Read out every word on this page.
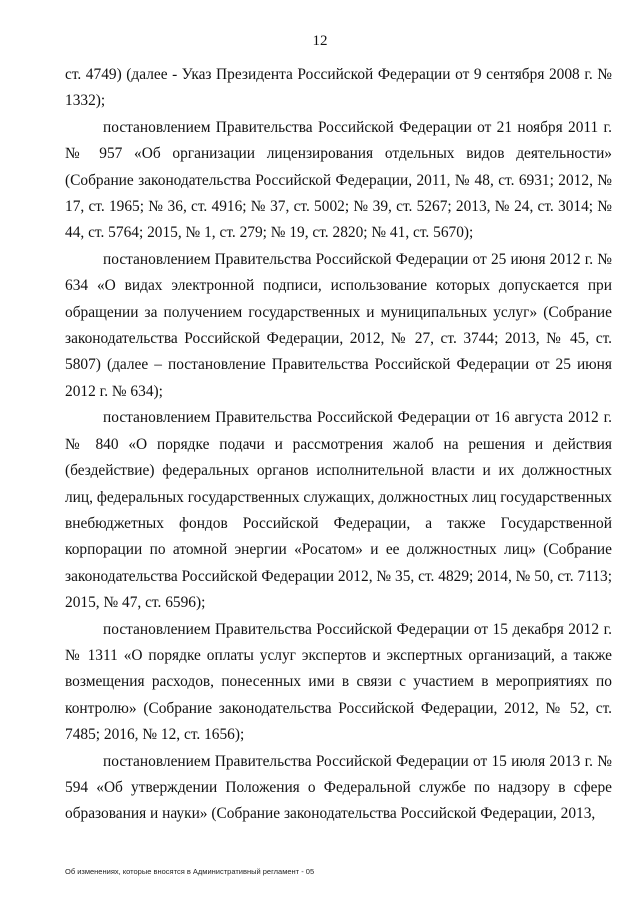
12

ст. 4749) (далее - Указ Президента Российской Федерации от 9 сентября 2008 г. № 1332);

постановлением Правительства Российской Федерации от 21 ноября 2011 г. № 957 «Об организации лицензирования отдельных видов деятельности» (Собрание законодательства Российской Федерации, 2011, № 48, ст. 6931; 2012, № 17, ст. 1965; № 36, ст. 4916; № 37, ст. 5002; № 39, ст. 5267; 2013, № 24, ст. 3014; № 44, ст. 5764; 2015, № 1, ст. 279; № 19, ст. 2820; № 41, ст. 5670);

постановлением Правительства Российской Федерации от 25 июня 2012 г. № 634 «О видах электронной подписи, использование которых допускается при обращении за получением государственных и муниципальных услуг» (Собрание законодательства Российской Федерации, 2012, № 27, ст. 3744; 2013, № 45, ст. 5807) (далее – постановление Правительства Российской Федерации от 25 июня 2012 г. № 634);

постановлением Правительства Российской Федерации от 16 августа 2012 г. № 840 «О порядке подачи и рассмотрения жалоб на решения и действия (бездействие) федеральных органов исполнительной власти и их должностных лиц, федеральных государственных служащих, должностных лиц государственных внебюджетных фондов Российской Федерации, а также Государственной корпорации по атомной энергии «Росатом» и ее должностных лиц» (Собрание законодательства Российской Федерации 2012, № 35, ст. 4829; 2014, № 50, ст. 7113; 2015, № 47, ст. 6596);

постановлением Правительства Российской Федерации от 15 декабря 2012 г. № 1311 «О порядке оплаты услуг экспертов и экспертных организаций, а также возмещения расходов, понесенных ими в связи с участием в мероприятиях по контролю» (Собрание законодательства Российской Федерации, 2012, № 52, ст. 7485; 2016, № 12, ст. 1656);

постановлением Правительства Российской Федерации от 15 июля 2013 г. № 594 «Об утверждении Положения о Федеральной службе по надзору в сфере образования и науки» (Собрание законодательства Российской Федерации, 2013,

Об изменениях, которые вносятся в Административный регламент - 05
